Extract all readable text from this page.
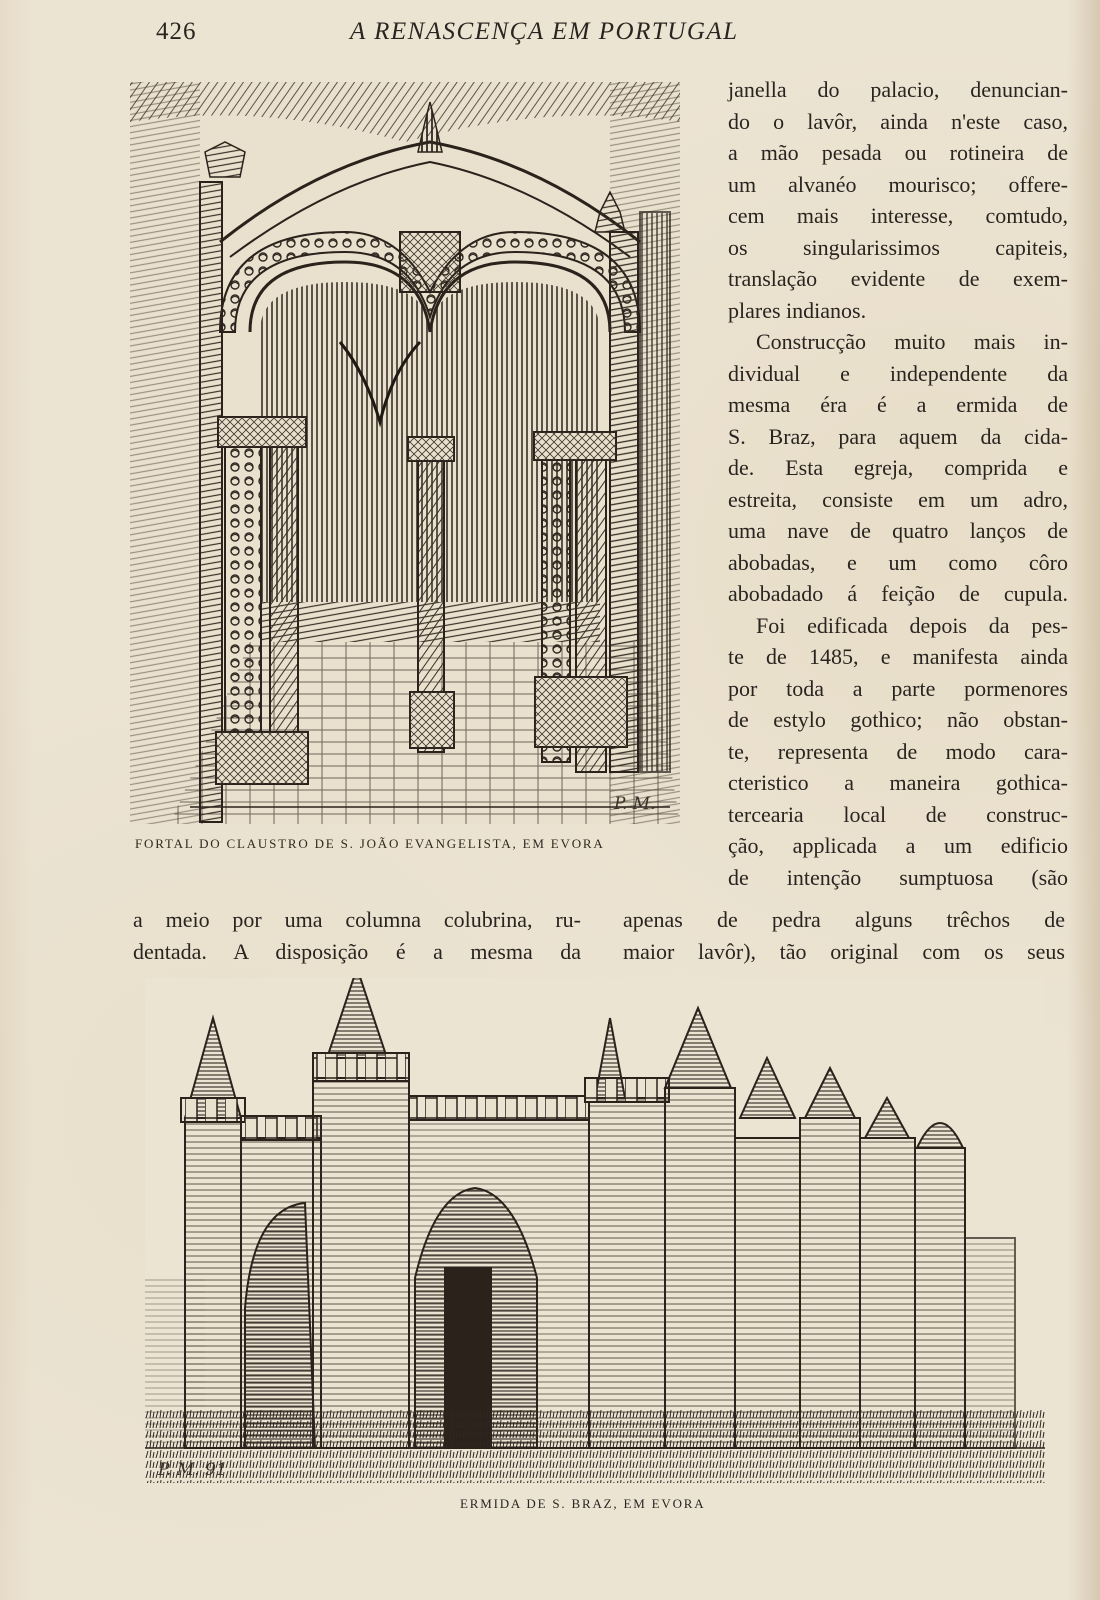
426	A RENASCENÇA EM PORTUGAL
P. M.
FORTAL DO CLAUSTRO DE S. JOÃO EVANGELISTA, EM EVORA
janella do palacio, denuncian-
do o lavôr, ainda n'este caso,
a mão pesada ou rotineira de
um alvanéo mourisco; offere-
cem mais interesse, comtudo,
os singularissimos capiteis,
translação evidente de exem-
plares indianos.
Construcção muito mais in-
dividual e independente da
mesma éra é a ermida de
S. Braz, para aquem da cida-
de. Esta egreja, comprida e
estreita, consiste em um adro,
uma nave de quatro lanços de
abobadas, e um como côro
abobadado á feição de cupula.
Foi edificada depois da pes-
te de 1485, e manifesta ainda
por toda a parte pormenores
de estylo gothico; não obstan-
te, representa de modo cara-
cteristico a maneira gothica-
tercearia local de construc-
ção, applicada a um edificio
de intenção sumptuosa (são
a meio por uma columna colubrina, ru-
dentada. A disposição é a mesma da
apenas de pedra alguns trêchos de
maior lavôr), tão original com os seus
P. M. 91
ERMIDA DE S. BRAZ, EM EVORA
